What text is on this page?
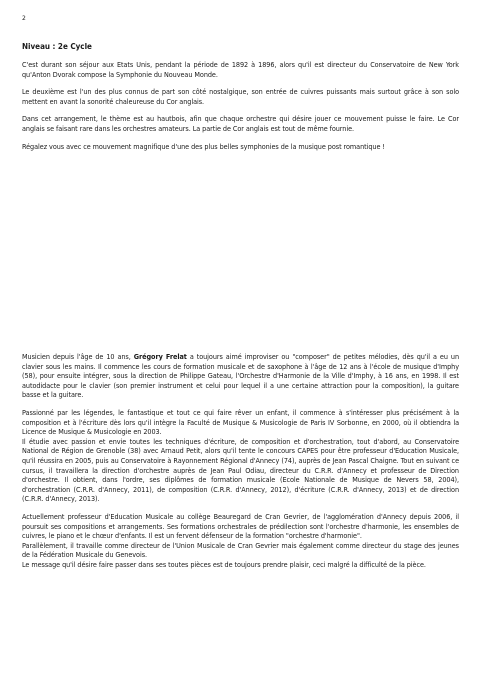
2
Niveau : 2e Cycle

C'est durant son séjour aux Etats Unis, pendant la période de 1892 à 1896, alors qu'il est directeur du Conservatoire de New York qu'Anton Dvorak compose la Symphonie du Nouveau Monde.

Le deuxième est l'un des plus connus de part son côté nostalgique, son entrée de cuivres puissants mais surtout grâce à son solo mettent en avant la sonorité chaleureuse du Cor anglais.

Dans cet arrangement, le thème est au hautbois, afin que chaque orchestre qui désire jouer ce mouvement puisse le faire. Le Cor anglais se faisant rare dans les orchestres amateurs. La partie de Cor anglais est tout de même fournie.

Régalez vous avec ce mouvement magnifique d'une des plus belles symphonies de la musique post romantique !

Musicien depuis l'âge de 10 ans, Grégory Frelat a toujours aimé improviser ou "composer" de petites mélodies, dès qu'il a eu un clavier sous les mains. Il commence les cours de formation musicale et de saxophone à l'âge de 12 ans à l'école de musique d'Imphy (58), pour ensuite intégrer, sous la direction de Philippe Gateau, l'Orchestre d'Harmonie de la Ville d'Imphy, à 16 ans, en 1998. Il est autodidacte pour le clavier (son premier instrument et celui pour lequel il a une certaine attraction pour la composition), la guitare basse et la guitare.

Passionné par les légendes, le fantastique et tout ce qui faire rêver un enfant, il commence à s'intéresser plus précisément à la composition et à l'écriture dès lors qu'il intègre la Faculté de Musique & Musicologie de Paris IV Sorbonne, en 2000, où il obtiendra la Licence de Musique & Musicologie en 2003.

Il étudie avec passion et envie toutes les techniques d'écriture, de composition et d'orchestration, tout d'abord, au Conservatoire National de Région de Grenoble (38) avec Arnaud Petit, alors qu'il tente le concours CAPES pour être professeur d'Education Musicale, qu'il réussira en 2005, puis au Conservatoire à Rayonnement Régional d'Annecy (74), auprès de Jean Pascal Chaigne. Tout en suivant ce cursus, il travaillera la direction d'orchestre auprès de Jean Paul Odiau, directeur du C.R.R. d'Annecy et professeur de Direction d'orchestre. Il obtient, dans l'ordre, ses diplômes de formation musicale (Ecole Nationale de Musique de Nevers 58, 2004), d'orchestration (C.R.R. d'Annecy, 2011), de composition (C.R.R. d'Annecy, 2012), d'écriture (C.R.R. d'Annecy, 2013) et de direction (C.R.R. d'Annecy, 2013).

Actuellement professeur d'Education Musicale au collège Beauregard de Cran Gevrier, de l'agglomération d'Annecy depuis 2006, il poursuit ses compositions et arrangements. Ses formations orchestrales de prédilection sont l'orchestre d'harmonie, les ensembles de cuivres, le piano et le chœur d'enfants. Il est un fervent défenseur de la formation "orchestre d'harmonie".

Parallèlement, il travaille comme directeur de l'Union Musicale de Cran Gevrier mais également comme directeur du stage des jeunes de la Fédération Musicale du Genevois.

Le message qu'il désire faire passer dans ses toutes pièces est de toujours prendre plaisir, ceci malgré la difficulté de la pièce.
